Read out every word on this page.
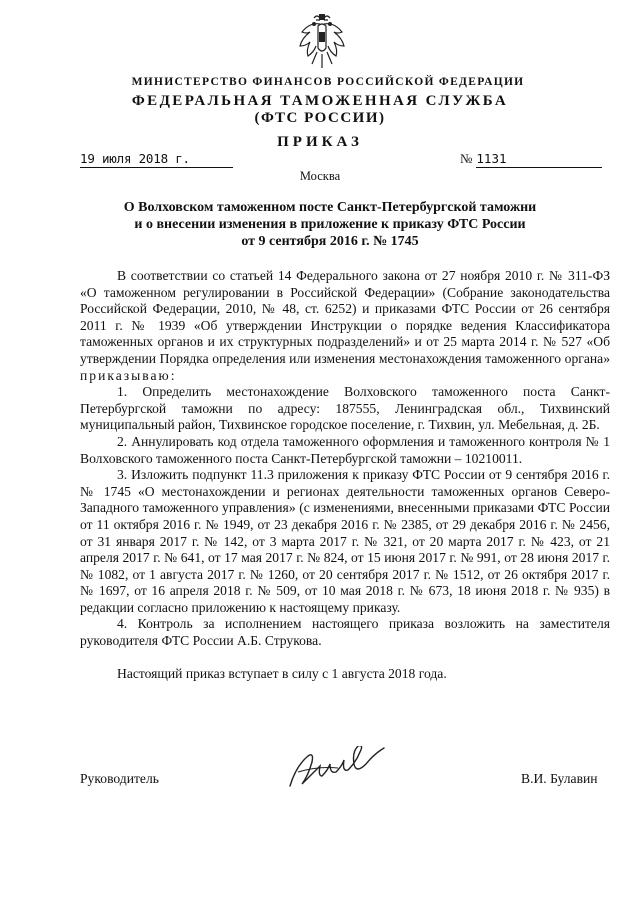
МИНИСТЕРСТВО ФИНАНСОВ РОССИЙСКОЙ ФЕДЕРАЦИИ
ФЕДЕРАЛЬНАЯ ТАМОЖЕННАЯ СЛУЖБА
(ФТС РОССИИ)
ПРИКАЗ
19 июля 2018 г.	№ 1131
Москва
О Волховском таможенном посте Санкт-Петербургской таможни
и о внесении изменения в приложение к приказу ФТС России
от 9 сентября 2016 г. № 1745
В соответствии со статьей 14 Федерального закона от 27 ноября 2010 г. № 311-ФЗ «О таможенном регулировании в Российской Федерации» (Собрание законодательства Российской Федерации, 2010, № 48, ст. 6252) и приказами ФТС России от 26 сентября 2011 г. № 1939 «Об утверждении Инструкции о порядке ведения Классификатора таможенных органов и их структурных подразделений» и от 25 марта 2014 г. № 527 «Об утверждении Порядка определения или изменения местонахождения таможенного органа» приказываю:
1. Определить местонахождение Волховского таможенного поста Санкт-Петербургской таможни по адресу: 187555, Ленинградская обл., Тихвинский муниципальный район, Тихвинское городское поселение, г. Тихвин, ул. Мебельная, д. 2Б.
2. Аннулировать код отдела таможенного оформления и таможенного контроля № 1 Волховского таможенного поста Санкт-Петербургской таможни – 10210011.
3. Изложить подпункт 11.3 приложения к приказу ФТС России от 9 сентября 2016 г. № 1745 «О местонахождении и регионах деятельности таможенных органов Северо-Западного таможенного управления» (с изменениями, внесенными приказами ФТС России от 11 октября 2016 г. № 1949, от 23 декабря 2016 г. № 2385, от 29 декабря 2016 г. № 2456, от 31 января 2017 г. № 142, от 3 марта 2017 г. № 321, от 20 марта 2017 г. № 423, от 21 апреля 2017 г. № 641, от 17 мая 2017 г. № 824, от 15 июня 2017 г. № 991, от 28 июня 2017 г. № 1082, от 1 августа 2017 г. № 1260, от 20 сентября 2017 г. № 1512, от 26 октября 2017 г. № 1697, от 16 апреля 2018 г. № 509, от 10 мая 2018 г. № 673, 18 июня 2018 г. № 935) в редакции согласно приложению к настоящему приказу.
4. Контроль за исполнением настоящего приказа возложить на заместителя руководителя ФТС России А.Б. Струкова.
Настоящий приказ вступает в силу с 1 августа 2018 года.
Руководитель	В.И. Булавин
